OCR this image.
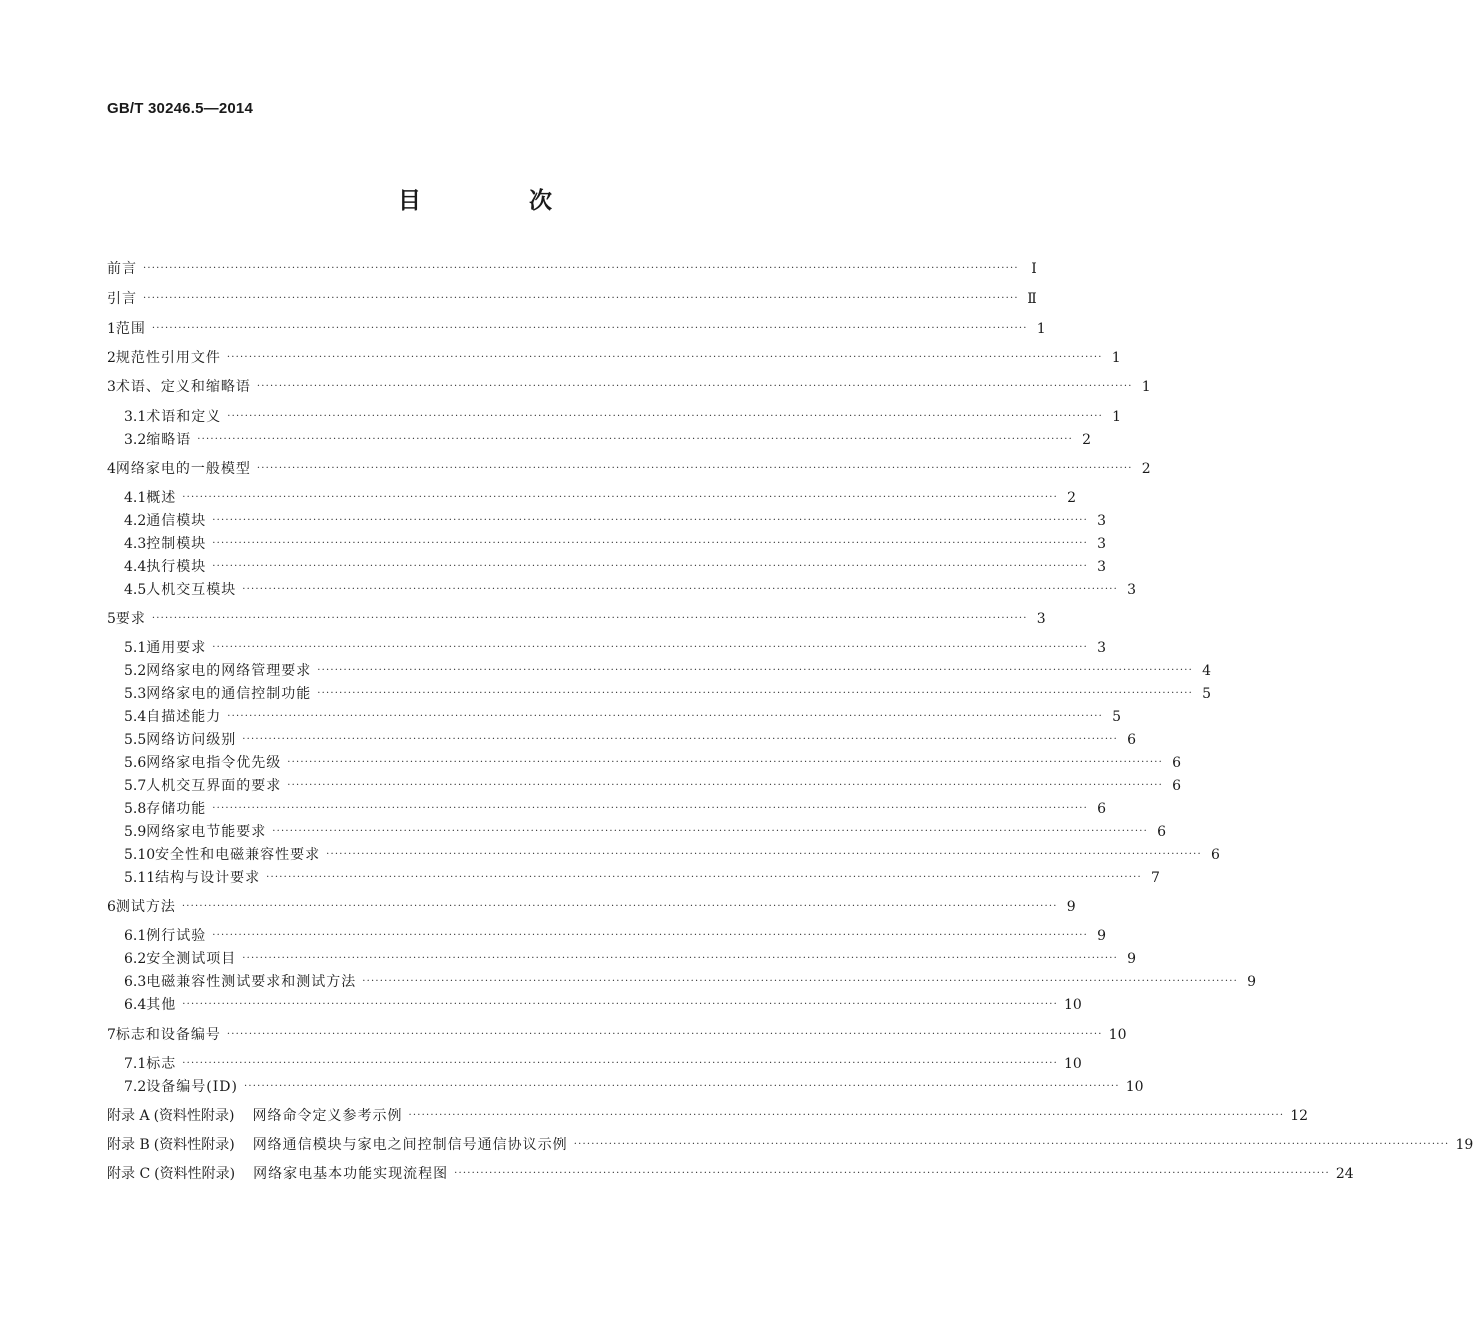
GB/T 30246.5—2014
目 次
前言 ········································································································································································································ Ⅰ
引言 ········································································································································································································ Ⅱ
1 范围 ········································································································································································································ 1
2 规范性引用文件 ········································································································································································································ 1
3 术语、定义和缩略语 ········································································································································································································ 1
3.1 术语和定义 ········································································································································································································ 1
3.2 缩略语 ········································································································································································································ 2
4 网络家电的一般模型 ········································································································································································································ 2
4.1 概述 ········································································································································································································ 2
4.2 通信模块 ········································································································································································································ 3
4.3 控制模块 ········································································································································································································ 3
4.4 执行模块 ········································································································································································································ 3
4.5 人机交互模块 ········································································································································································································ 3
5 要求 ········································································································································································································ 3
5.1 通用要求 ········································································································································································································ 3
5.2 网络家电的网络管理要求 ········································································································································································································ 4
5.3 网络家电的通信控制功能 ········································································································································································································ 5
5.4 自描述能力 ········································································································································································································ 5
5.5 网络访问级别 ········································································································································································································ 6
5.6 网络家电指令优先级 ········································································································································································································ 6
5.7 人机交互界面的要求 ········································································································································································································ 6
5.8 存储功能 ········································································································································································································ 6
5.9 网络家电节能要求 ········································································································································································································ 6
5.10 安全性和电磁兼容性要求 ········································································································································································································ 6
5.11 结构与设计要求 ········································································································································································································ 7
6 测试方法 ········································································································································································································ 9
6.1 例行试验 ········································································································································································································ 9
6.2 安全测试项目 ········································································································································································································ 9
6.3 电磁兼容性测试要求和测试方法 ········································································································································································································ 9
6.4 其他 ········································································································································································································ 10
7 标志和设备编号 ········································································································································································································ 10
7.1 标志 ········································································································································································································ 10
7.2 设备编号(ID) ········································································································································································································ 10
附录 A (资料性附录)	网络命令定义参考示例 ········································································································································································································ 12
附录 B (资料性附录)	网络通信模块与家电之间控制信号通信协议示例 ········································································································································································································ 19
附录 C (资料性附录)	网络家电基本功能实现流程图 ········································································································································································································ 24
